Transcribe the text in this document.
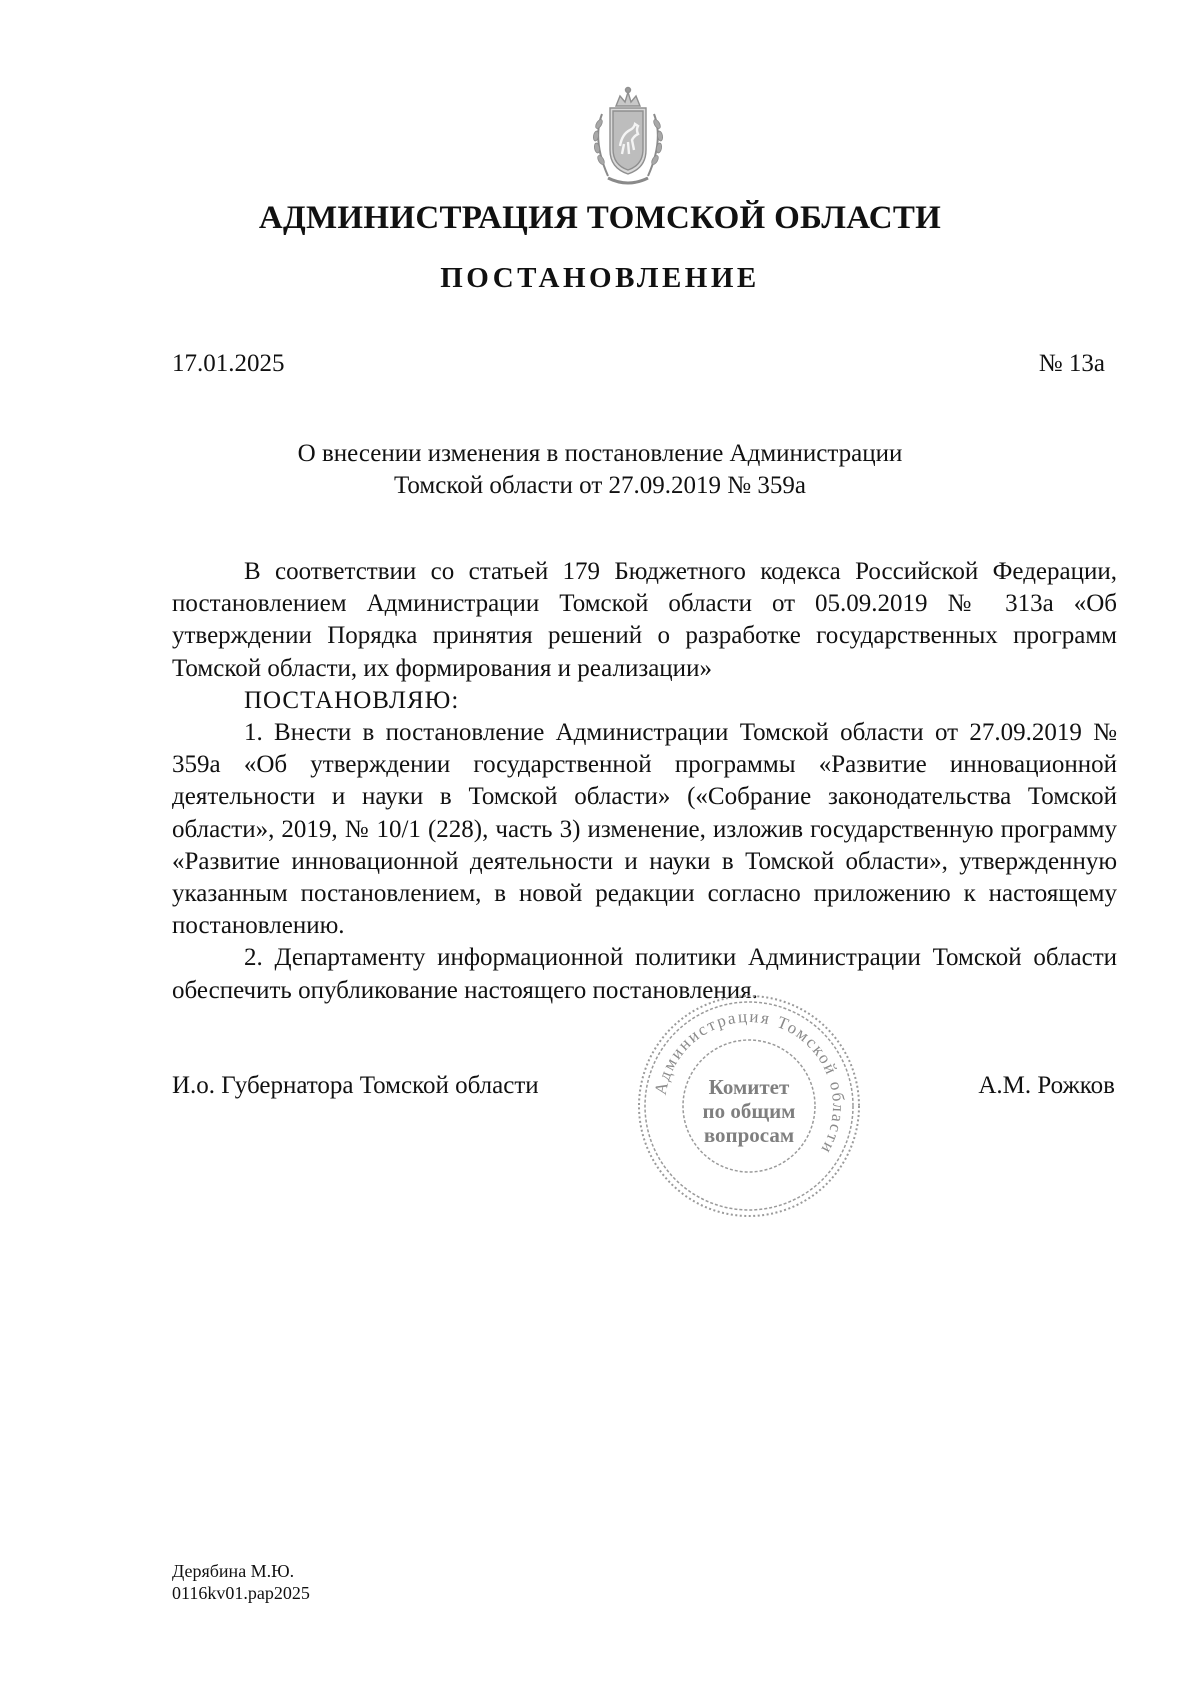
АДМИНИСТРАЦИЯ ТОМСКОЙ ОБЛАСТИ
ПОСТАНОВЛЕНИЕ
17.01.2025	№ 13а
О внесении изменения в постановление Администрации
Томской области от 27.09.2019 № 359а

В соответствии со статьей 179 Бюджетного кодекса Российской Федерации, постановлением Администрации Томской области от 05.09.2019 № 313а «Об утверждении Порядка принятия решений о разработке государственных программ Томской области, их формирования и реализации»

ПОСТАНОВЛЯЮ:

1. Внести в постановление Администрации Томской области от 27.09.2019 № 359а «Об утверждении государственной программы «Развитие инновационной деятельности и науки в Томской области» («Собрание законодательства Томской области», 2019, № 10/1 (228), часть 3) изменение, изложив государственную программу «Развитие инновационной деятельности и науки в Томской области», утвержденную указанным постановлением, в новой редакции согласно приложению к настоящему постановлению.

2. Департаменту информационной политики Администрации Томской области обеспечить опубликование настоящего постановления.

И.о. Губернатора Томской области	А.М. Рожков
Администрация Томской области
Комитет
по общим
вопросам
Дерябина М.Ю.
0116kv01.pap2025
